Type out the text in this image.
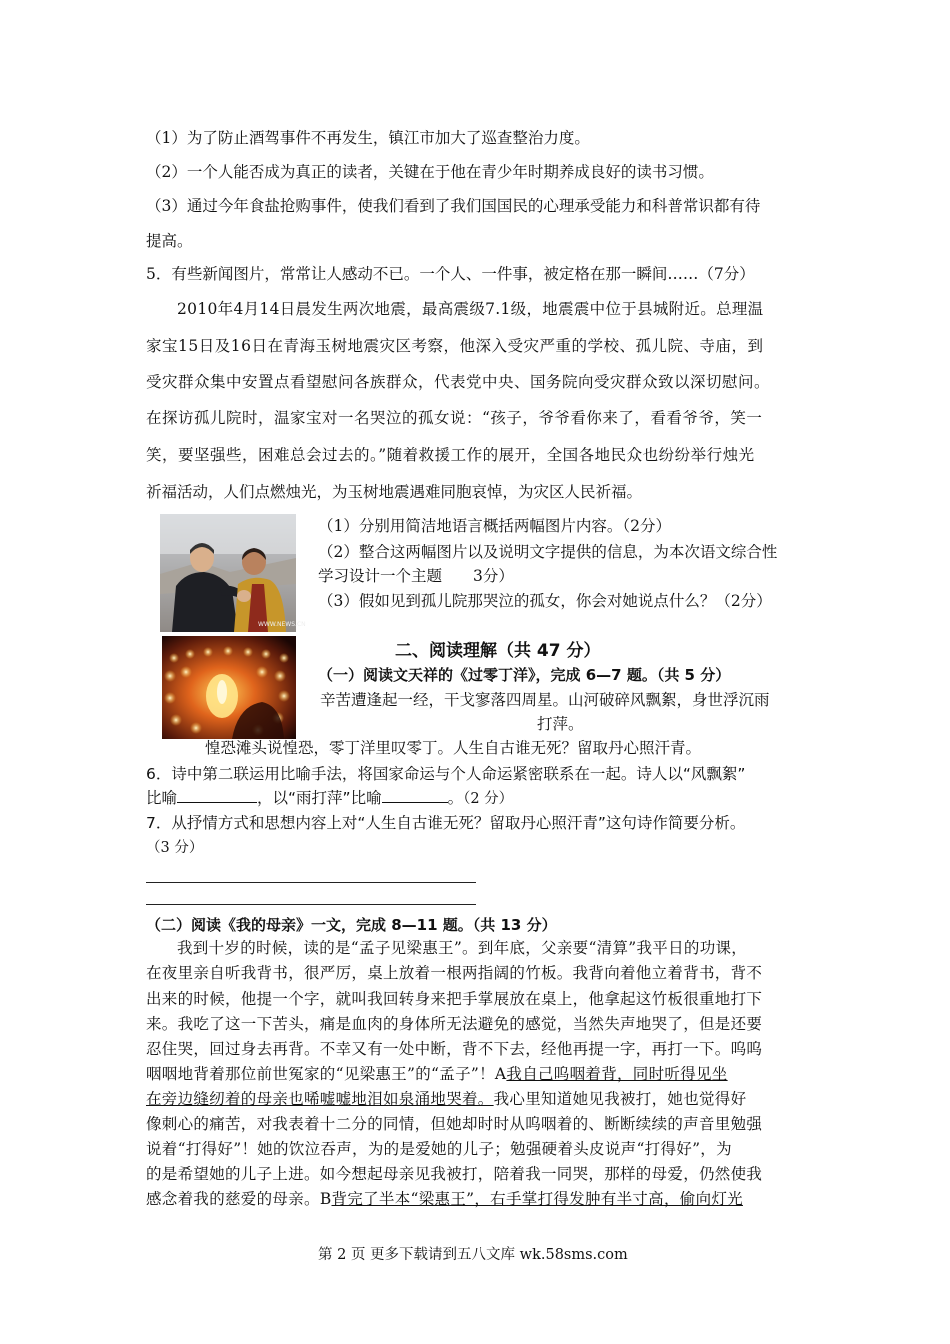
（1）为了防止酒驾事件不再发生，镇江市加大了巡查整治力度。
（2）一个人能否成为真正的读者，关键在于他在青少年时期养成良好的读书习惯。
（3）通过今年食盐抢购事件，使我们看到了我们国国民的心理承受能力和科普常识都有待
提高。
5．有些新闻图片，常常让人感动不已。一个人、一件事，被定格在那一瞬间……（7分）
2010年4月14日晨发生两次地震，最高震级7.1级，地震震中位于县城附近。总理温
家宝15日及16日在青海玉树地震灾区考察，他深入受灾严重的学校、孤儿院、寺庙，到
受灾群众集中安置点看望慰问各族群众，代表党中央、国务院向受灾群众致以深切慰问。
在探访孤儿院时，温家宝对一名哭泣的孤女说：“孩子，爷爷看你来了，看看爷爷，笑一
笑，要坚强些，困难总会过去的。”随着救援工作的展开，全国各地民众也纷纷举行烛光
祈福活动，人们点燃烛光，为玉树地震遇难同胞哀悼，为灾区人民祈福。
WWW.NEWS.CN
（1）分别用简洁地语言概括两幅图片内容。（2分）
（2）整合这两幅图片以及说明文字提供的信息，为本次语文综合性
学习设计一个主题　　3分）
（3）假如见到孤儿院那哭泣的孤女，你会对她说点什么？（2分）
二、阅读理解（共 47 分）
（一）阅读文天祥的《过零丁洋》，完成 6—7 题。（共 5 分）
辛苦遭逢起一经，干戈寥落四周星。山河破碎风飘絮，身世浮沉雨
打萍。
惶恐滩头说惶恐，零丁洋里叹零丁。人生自古谁无死？留取丹心照汗青。
6．诗中第二联运用比喻手法，将国家命运与个人命运紧密联系在一起。诗人以“风飘絮”
比喻	，以“雨打萍”比喻	。（2 分）
7．从抒情方式和思想内容上对“人生自古谁无死？留取丹心照汗青”这句诗作简要分析。
（3 分）
（二）阅读《我的母亲》一文，完成 8—11 题。（共 13 分）
我到十岁的时候，读的是“孟子见梁惠王”。到年底，父亲要“清算”我平日的功课，
在夜里亲自听我背书，很严厉，桌上放着一根两指阔的竹板。我背向着他立着背书，背不
出来的时候，他提一个字，就叫我回转身来把手掌展放在桌上，他拿起这竹板很重地打下
来。我吃了这一下苦头，痛是血肉的身体所无法避免的感觉，当然失声地哭了，但是还要
忍住哭，回过身去再背。不幸又有一处中断，背不下去，经他再提一字，再打一下。呜呜
咽咽地背着那位前世冤家的“见梁惠王”的“孟子”！A我自己呜咽着背，同时听得见坐
在旁边缝纫着的母亲也唏嘘嘘地泪如泉涌地哭着。我心里知道她见我被打，她也觉得好
像刺心的痛苦，对我表着十二分的同情，但她却时时从呜咽着的、断断续续的声音里勉强
说着“打得好”！她的饮泣吞声，为的是爱她的儿子；勉强硬着头皮说声“打得好”，为
的是希望她的儿子上进。如今想起母亲见我被打，陪着我一同哭，那样的母爱，仍然使我
感念着我的慈爱的母亲。B背完了半本“梁惠王”，右手掌打得发肿有半寸高，偷向灯光
第 2 页 更多下载请到五八文库 wk.58sms.com
